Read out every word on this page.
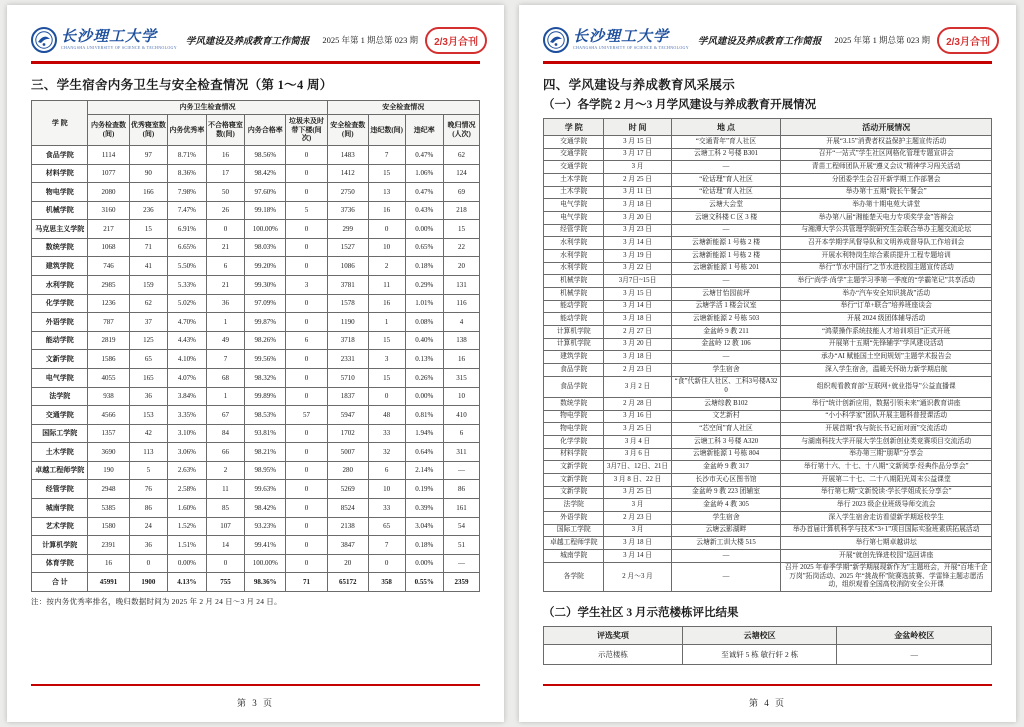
长沙理工大学
CHANGSHA UNIVERSITY OF SCIENCE & TECHNOLOGY
学风建设及养成教育工作简报 2025 年第 1 期总第 023 期	2/3月合刊
三、学生宿舍内务卫生与安全检查情况（第 1～4 周）
学 院	内务卫生检查情况						安全检查情况			
	内务检查数(间)	优秀寝室数(间)	内务优秀率	不合格寝室数(间)	内务合格率	垃圾未及时带下楼(间次)	安全检查数(间)	违纪数(间)	违纪率	晚归情况(人次)
食品学院	1114	97	8.71%	16	98.56%	0	1483	7	0.47%	62
材料学院	1077	90	8.36%	17	98.42%	0	1412	15	1.06%	124
物电学院	2080	166	7.98%	50	97.60%	0	2750	13	0.47%	69
机械学院	3160	236	7.47%	26	99.18%	5	3736	16	0.43%	218
马克思主义学院	217	15	6.91%	0	100.00%	0	299	0	0.00%	15
数统学院	1068	71	6.65%	21	98.03%	0	1527	10	0.65%	22
建筑学院	746	41	5.50%	6	99.20%	0	1086	2	0.18%	20
水利学院	2985	159	5.33%	21	99.30%	3	3781	11	0.29%	131
化学学院	1236	62	5.02%	36	97.09%	0	1578	16	1.01%	116
外语学院	787	37	4.70%	1	99.87%	0	1190	1	0.08%	4
能动学院	2819	125	4.43%	49	98.26%	6	3718	15	0.40%	138
文新学院	1586	65	4.10%	7	99.56%	0	2331	3	0.13%	16
电气学院	4055	165	4.07%	68	98.32%	0	5710	15	0.26%	315
法学院	938	36	3.84%	1	99.89%	0	1837	0	0.00%	10
交通学院	4566	153	3.35%	67	98.53%	57	5947	48	0.81%	410
国际工学院	1357	42	3.10%	84	93.81%	0	1702	33	1.94%	6
土木学院	3690	113	3.06%	66	98.21%	0	5007	32	0.64%	311
卓越工程师学院	190	5	2.63%	2	98.95%	0	280	6	2.14%	—
经管学院	2948	76	2.58%	11	99.63%	0	5269	10	0.19%	86
城南学院	5385	86	1.60%	85	98.42%	0	8524	33	0.39%	161
艺术学院	1580	24	1.52%	107	93.23%	0	2138	65	3.04%	54
计算机学院	2391	36	1.51%	14	99.41%	0	3847	7	0.18%	51
体育学院	16	0	0.00%	0	100.00%	0	20	0	0.00%	—
合 计	45991	1900	4.13%	755	98.36%	71	65172	358	0.55%	2359
注：按内务优秀率排名，晚归数据时间为 2025 年 2 月 24 日～3 月 24 日。
第 3 页
长沙理工大学
CHANGSHA UNIVERSITY OF SCIENCE & TECHNOLOGY
学风建设及养成教育工作简报 2025 年第 1 期总第 023 期	2/3月合刊
四、学风建设与养成教育风采展示
（一）各学院 2 月～3 月学风建设与养成教育开展情况
学 院	时 间	地 点	活动开展情况
交通学院	3 月 15 日	“交通青年”育人社区	开展“3.15”消费者权益保护主题宣传活动
交通学院	3 月 17 日	云塘工科 2 号楼 B301	召开“一站式”学生社区网格化管理专题宣讲会
交通学院	3 月	—	青苗工程师团队开展“遵义会议”精神学习闯关活动
土木学院	2 月 25 日	“砼话理”育人社区	分团委学生会召开新学期工作部署会
土木学院	3 月 11 日	“砼话理”育人社区	举办第十五期“院长午餐会”
电气学院	3 月 18 日	云塘大会堂	举办第十期电苑大讲堂
电气学院	3 月 20 日	云塘文科楼 C 区 3 楼	举办第八届“湘能楚天电力专项奖学金”答辩会
经管学院	3 月 23 日	—	与湘潭大学公共管理学院研究生会联合举办主题交流论坛
水利学院	3 月 14 日	云塘新能源 1 号栋 2 楼	召开本学期学风督导队和文明养成督导队工作培训会
水利学院	3 月 19 日	云塘新能源 1 号栋 2 楼	开展水利特岗生综合素质提升工程专题培训
水利学院	3 月 22 日	云塘新能源 1 号栋 201	举行“节水中国行”之节水进校园主题宣传活动
机械学院	3月7日~15日	—	举行“尚学·尚学”主题学习季第一季度的“学霸笔记”共享活动
机械学院	3 月 15 日	云塘甘怡园前坪	举办“汽车安全知识挑战”活动
能动学院	3 月 14 日	云塘学活 1 楼会议室	举行“订单+联合”培养班座谈会
能动学院	3 月 18 日	云塘新能源 2 号栋 503	开展 2024 级团体辅导活动
计算机学院	2 月 27 日	金盆岭 9 教 211	“鸿蒙操作系统技能人才培训项目”正式开班
计算机学院	3 月 20 日	金盆岭 12 教 106	开展第十五期“先锋辅学”学风建设活动
建筑学院	3 月 18 日	—	承办“AI 赋能国土空间规划”主题学术报告会
食品学院	2 月 23 日	学生宿舍	深入学生宿舍，温暖关怀助力新学期启航
食品学院	3 月 2 日	“食”代新住人社区、工科3号楼A320	组织观看教育部“互联网+就业指导”公益直播课
数统学院	2 月 28 日	云塘综教 B102	举行“统计创新应用，数据引领未来”通识教育讲座
物电学院	3 月 16 日	文艺新村	“小小科学家”团队开展主题科普授课活动
物电学院	3 月 25 日	“芯空间”育人社区	开展首期“我与院长书记面对面”交流活动
化学学院	3 月 4 日	云塘工科 3 号楼 A320	与湖南科技大学开展大学生创新创业类竞赛项目交流活动
材料学院	3 月 6 日	云塘新能源 1 号栋 804	举办第三期“朋辈”分享会
文新学院	3月7日、12日、21日	金盆岭 9 教 317	举行第十六、十七、十八期“文新阅享·经典作品分享会”
文新学院	3 月 8 日、22 日	长沙市天心区图书馆	开展第二十七、二十八期阳光周末公益课堂
文新学院	3 月 25 日	金盆岭 9 教 223 团辅室	举行第七期“文新悦读·学长学姐成长分享会”
法学院	3 月	金盆岭 4 教 305	举行 2023 级企业班级导师交流会
外语学院	2 月 23 日	学生宿舍	深入学生宿舍走访看望新学期返校学生
国际工学院	3 月	云塘云影湖畔	举办首届计算机科学与技术“3+1”项目国际实验班素质拓展活动
卓越工程师学院	3 月 18 日	云塘新工训大楼 515	举行第七期卓越讲坛
城南学院	3 月 14 日	—	开展“就创先锋进校园”巡回讲座
各学院	2 月～3 月	—	召开 2025 年春季学期“新学期展现新作为”主题班会，开展“百地千企万岗”拓岗活动、2025 年“挑战杯”院赛选拔赛、学雷锋主题志愿活动，组织观看全国高校消防安全公开课
（二）学生社区 3 月示范楼栋评比结果
评选奖项	云塘校区	金盆岭校区
示范楼栋	至诚轩 5 栋 敏行轩 2 栋	—
第 4 页
